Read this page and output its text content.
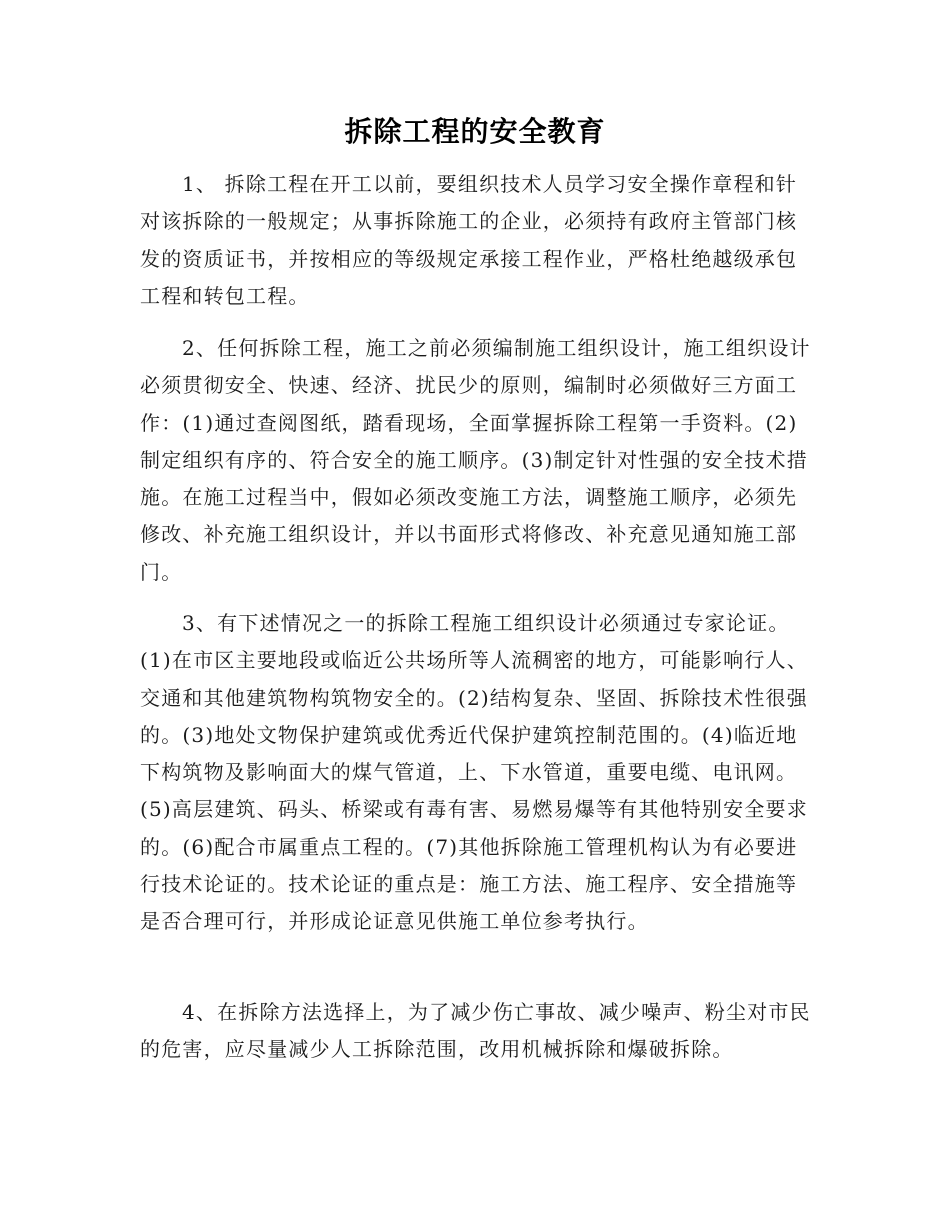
拆除工程的安全教育

1、 拆除工程在开工以前，要组织技术人员学习安全操作章程和针对该拆除的一般规定；从事拆除施工的企业，必须持有政府主管部门核发的资质证书，并按相应的等级规定承接工程作业，严格杜绝越级承包工程和转包工程。

2、任何拆除工程，施工之前必须编制施工组织设计，施工组织设计必须贯彻安全、快速、经济、扰民少的原则，编制时必须做好三方面工作：(1)通过查阅图纸，踏看现场，全面掌握拆除工程第一手资料。(2)制定组织有序的、符合安全的施工顺序。(3)制定针对性强的安全技术措施。在施工过程当中，假如必须改变施工方法，调整施工顺序，必须先修改、补充施工组织设计，并以书面形式将修改、补充意见通知施工部门。

3、有下述情况之一的拆除工程施工组织设计必须通过专家论证。(1)在市区主要地段或临近公共场所等人流稠密的地方，可能影响行人、交通和其他建筑物构筑物安全的。(2)结构复杂、坚固、拆除技术性很强的。(3)地处文物保护建筑或优秀近代保护建筑控制范围的。(4)临近地下构筑物及影响面大的煤气管道，上、下水管道，重要电缆、电讯网。(5)高层建筑、码头、桥梁或有毒有害、易燃易爆等有其他特别安全要求的。(6)配合市属重点工程的。(7)其他拆除施工管理机构认为有必要进行技术论证的。技术论证的重点是：施工方法、施工程序、安全措施等是否合理可行，并形成论证意见供施工单位参考执行。

4、在拆除方法选择上，为了减少伤亡事故、减少噪声、粉尘对市民的危害，应尽量减少人工拆除范围，改用机械拆除和爆破拆除。
